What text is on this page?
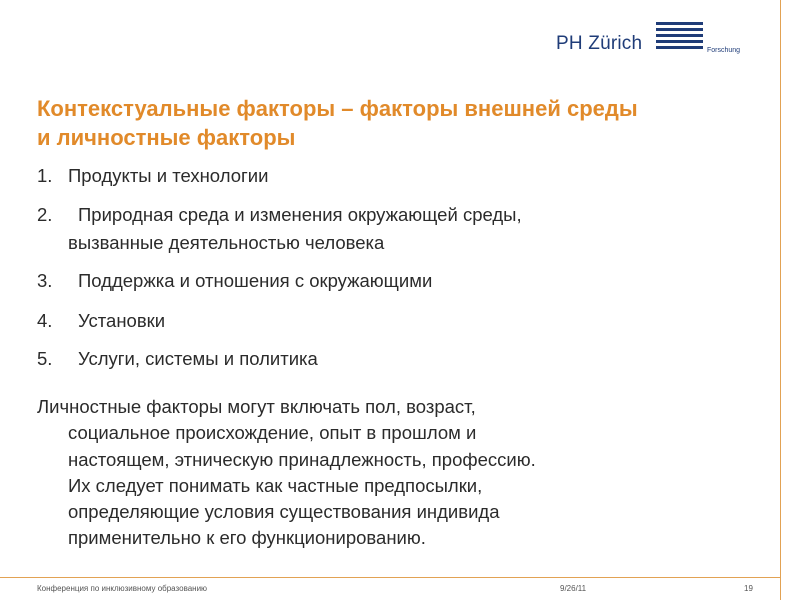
PH Zürich	Forschung
Контекстуальные факторы – факторы внешней среды
и личностные факторы
1. Продукты и технологии
2. Природная среда и изменения окружающей среды,
вызванные деятельностью человека
3. Поддержка и отношения с окружающими
4. Установки
5. Услуги, системы и политика
Личностные факторы могут включать пол, возраст,
социальное происхождение, опыт в прошлом и
настоящем, этническую принадлежность, профессию.
Их следует понимать как частные предпосылки,
определяющие условия существования индивида
применительно к его функционированию.
Конференция по инклюзивному образованию	9/26/11	19
